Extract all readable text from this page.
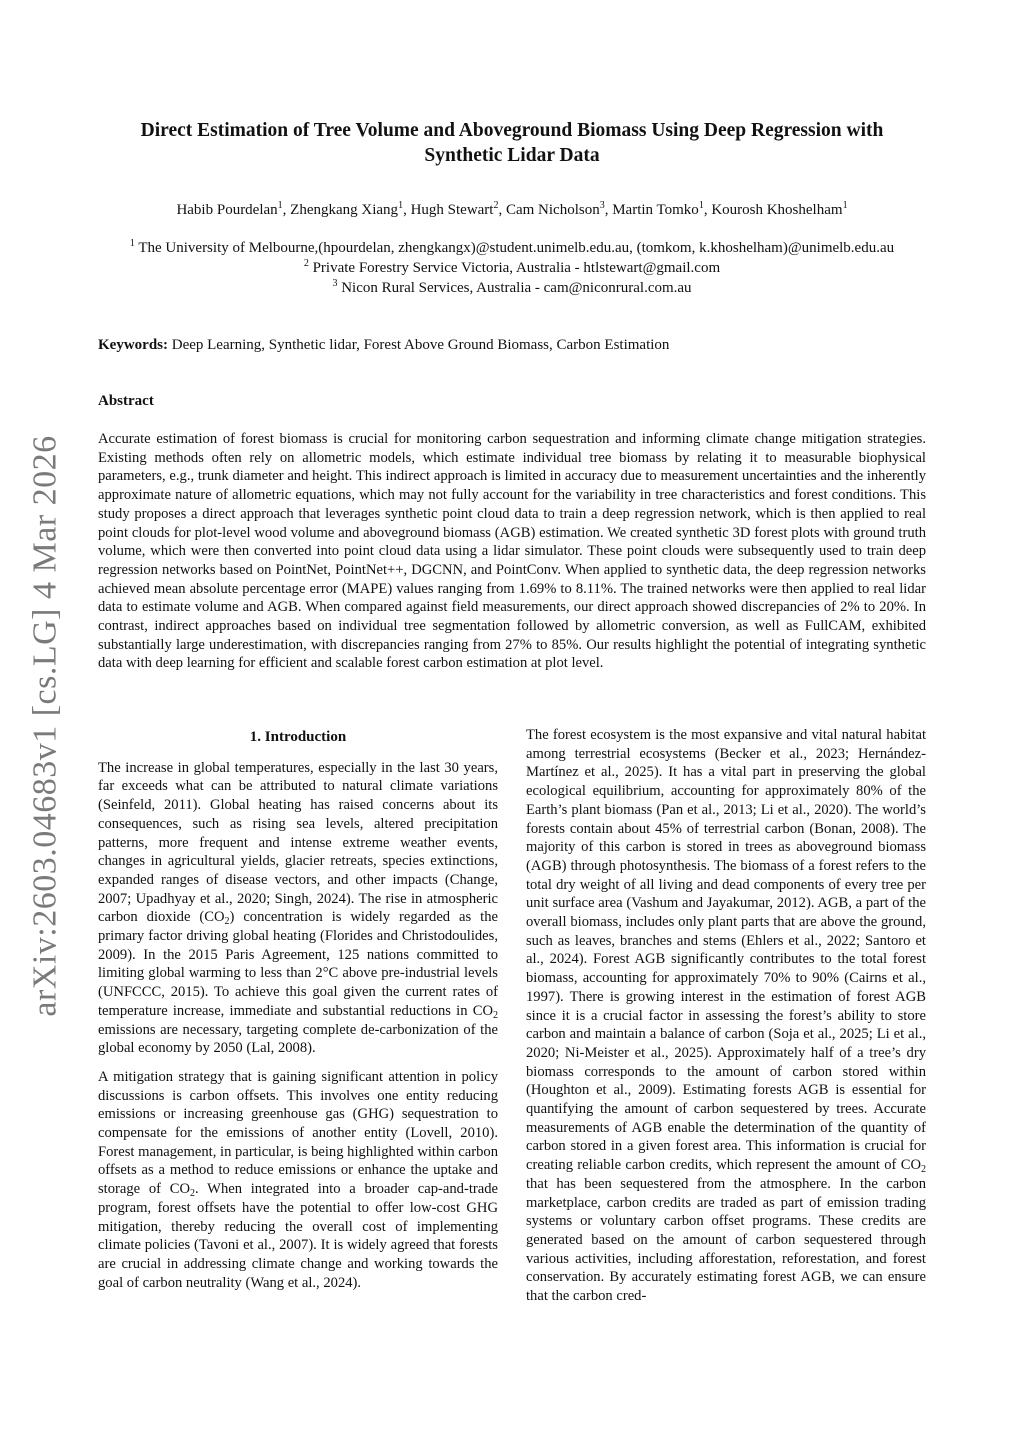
arXiv:2603.04683v1 [cs.LG] 4 Mar 2026
Direct Estimation of Tree Volume and Aboveground Biomass Using Deep Regression with
Synthetic Lidar Data
Habib Pourdelan$^1$, Zhengkang Xiang$^1$, Hugh Stewart$^2$, Cam Nicholson$^3$, Martin Tomko$^1$, Kourosh Khoshelham$^1$
$^1$ The University of Melbourne,(hpourdelan, zhengkangx)@student.unimelb.edu.au, (tomkom, k.khoshelham)@unimelb.edu.au
$^2$ Private Forestry Service Victoria, Australia - htlstewart@gmail.com
$^3$ Nicon Rural Services, Australia - cam@niconrural.com.au
Keywords: Deep Learning, Synthetic lidar, Forest Above Ground Biomass, Carbon Estimation
Abstract
Accurate estimation of forest biomass is crucial for monitoring carbon sequestration and informing climate change mitigation strategies. Existing methods often rely on allometric models, which estimate individual tree biomass by relating it to measurable biophysical parameters, e.g., trunk diameter and height. This indirect approach is limited in accuracy due to measurement uncertainties and the inherently approximate nature of allometric equations, which may not fully account for the variability in tree characteristics and forest conditions. This study proposes a direct approach that leverages synthetic point cloud data to train a deep regression network, which is then applied to real point clouds for plot-level wood volume and aboveground biomass (AGB) estimation. We created synthetic 3D forest plots with ground truth volume, which were then converted into point cloud data using a lidar simulator. These point clouds were subsequently used to train deep regression networks based on PointNet, PointNet++, DGCNN, and PointConv. When applied to synthetic data, the deep regression networks achieved mean absolute percentage error (MAPE) values ranging from 1.69% to 8.11%. The trained networks were then applied to real lidar data to estimate volume and AGB. When compared against field measurements, our direct approach showed discrepancies of 2% to 20%. In contrast, indirect approaches based on individual tree segmentation followed by allometric conversion, as well as FullCAM, exhibited substantially large underestimation, with discrepancies ranging from 27% to 85%. Our results highlight the potential of integrating synthetic data with deep learning for efficient and scalable forest carbon estimation at plot level.
1. Introduction

The increase in global temperatures, especially in the last 30 years, far exceeds what can be attributed to natural climate variations (Seinfeld, 2011). Global heating has raised concerns about its consequences, such as rising sea levels, altered precipitation patterns, more frequent and intense extreme weather events, changes in agricultural yields, glacier retreats, species extinctions, expanded ranges of disease vectors, and other impacts (Change, 2007; Upadhyay et al., 2020; Singh, 2024). The rise in atmospheric carbon dioxide $(CO_2)$ concentration is widely regarded as the primary factor driving global heating (Florides and Christodoulides, 2009). In the 2015 Paris Agreement, 125 nations committed to limiting global warming to less than 2°C above pre-industrial levels (UNFCCC, 2015). To achieve this goal given the current rates of temperature increase, immediate and substantial reductions in $CO_2$ emissions are necessary, targeting complete de-carbonization of the global economy by 2050 (Lal, 2008).

A mitigation strategy that is gaining significant attention in policy discussions is carbon offsets. This involves one entity reducing emissions or increasing greenhouse gas (GHG) sequestration to compensate for the emissions of another entity (Lovell, 2010). Forest management, in particular, is being highlighted within carbon offsets as a method to reduce emissions or enhance the uptake and storage of $CO_2$. When integrated into a broader cap-and-trade program, forest offsets have the potential to offer low-cost GHG mitigation, thereby reducing the overall cost of implementing climate policies (Tavoni et al., 2007). It is widely agreed that forests are crucial in addressing climate change and working towards the goal of carbon neutrality (Wang et al., 2024).

The forest ecosystem is the most expansive and vital natural habitat among terrestrial ecosystems (Becker et al., 2023; Hernández-Martínez et al., 2025). It has a vital part in preserving the global ecological equilibrium, accounting for approximately 80% of the Earth’s plant biomass (Pan et al., 2013; Li et al., 2020). The world’s forests contain about 45% of terrestrial carbon (Bonan, 2008). The majority of this carbon is stored in trees as aboveground biomass (AGB) through photosynthesis. The biomass of a forest refers to the total dry weight of all living and dead components of every tree per unit surface area (Vashum and Jayakumar, 2012). AGB, a part of the overall biomass, includes only plant parts that are above the ground, such as leaves, branches and stems (Ehlers et al., 2022; Santoro et al., 2024). Forest AGB significantly contributes to the total forest biomass, accounting for approximately 70% to 90% (Cairns et al., 1997). There is growing interest in the estimation of forest AGB since it is a crucial factor in assessing the forest’s ability to store carbon and maintain a balance of carbon (Soja et al., 2025; Li et al., 2020; Ni-Meister et al., 2025). Approximately half of a tree’s dry biomass corresponds to the amount of carbon stored within (Houghton et al., 2009). Estimating forests AGB is essential for quantifying the amount of carbon sequestered by trees. Accurate measurements of AGB enable the determination of the quantity of carbon stored in a given forest area. This information is crucial for creating reliable carbon credits, which represent the amount of $CO_2$ that has been sequestered from the atmosphere. In the carbon marketplace, carbon credits are traded as part of emission trading systems or voluntary carbon offset programs. These credits are generated based on the amount of carbon sequestered through various activities, including afforestation, reforestation, and forest conservation. By accurately estimating forest AGB, we can ensure that the carbon cred-
